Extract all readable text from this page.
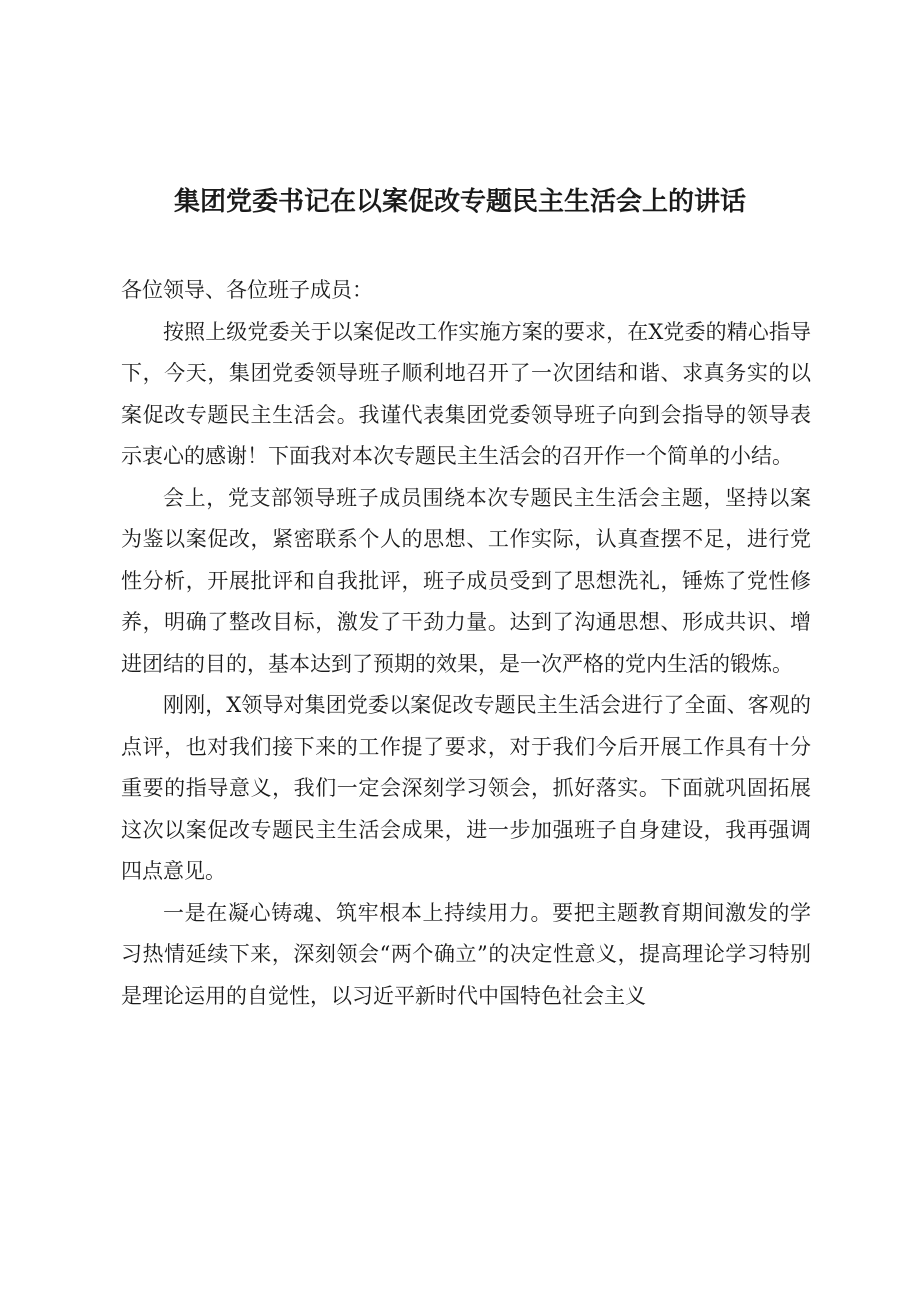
集团党委书记在以案促改专题民主生活会上的讲话

各位领导、各位班子成员：

按照上级党委关于以案促改工作实施方案的要求，在X党委的精心指导下，今天，集团党委领导班子顺利地召开了一次团结和谐、求真务实的以案促改专题民主生活会。我谨代表集团党委领导班子向到会指导的领导表示衷心的感谢！下面我对本次专题民主生活会的召开作一个简单的小结。

会上，党支部领导班子成员围绕本次专题民主生活会主题，坚持以案为鉴以案促改，紧密联系个人的思想、工作实际，认真查摆不足，进行党性分析，开展批评和自我批评，班子成员受到了思想洗礼，锤炼了党性修养，明确了整改目标，激发了干劲力量。达到了沟通思想、形成共识、增进团结的目的，基本达到了预期的效果，是一次严格的党内生活的锻炼。

刚刚，X领导对集团党委以案促改专题民主生活会进行了全面、客观的点评，也对我们接下来的工作提了要求，对于我们今后开展工作具有十分重要的指导意义，我们一定会深刻学习领会，抓好落实。下面就巩固拓展这次以案促改专题民主生活会成果，进一步加强班子自身建设，我再强调四点意见。

一是在凝心铸魂、筑牢根本上持续用力。要把主题教育期间激发的学习热情延续下来，深刻领会“两个确立”的决定性意义，提高理论学习特别是理论运用的自觉性，以习近平新时代中国特色社会主义
